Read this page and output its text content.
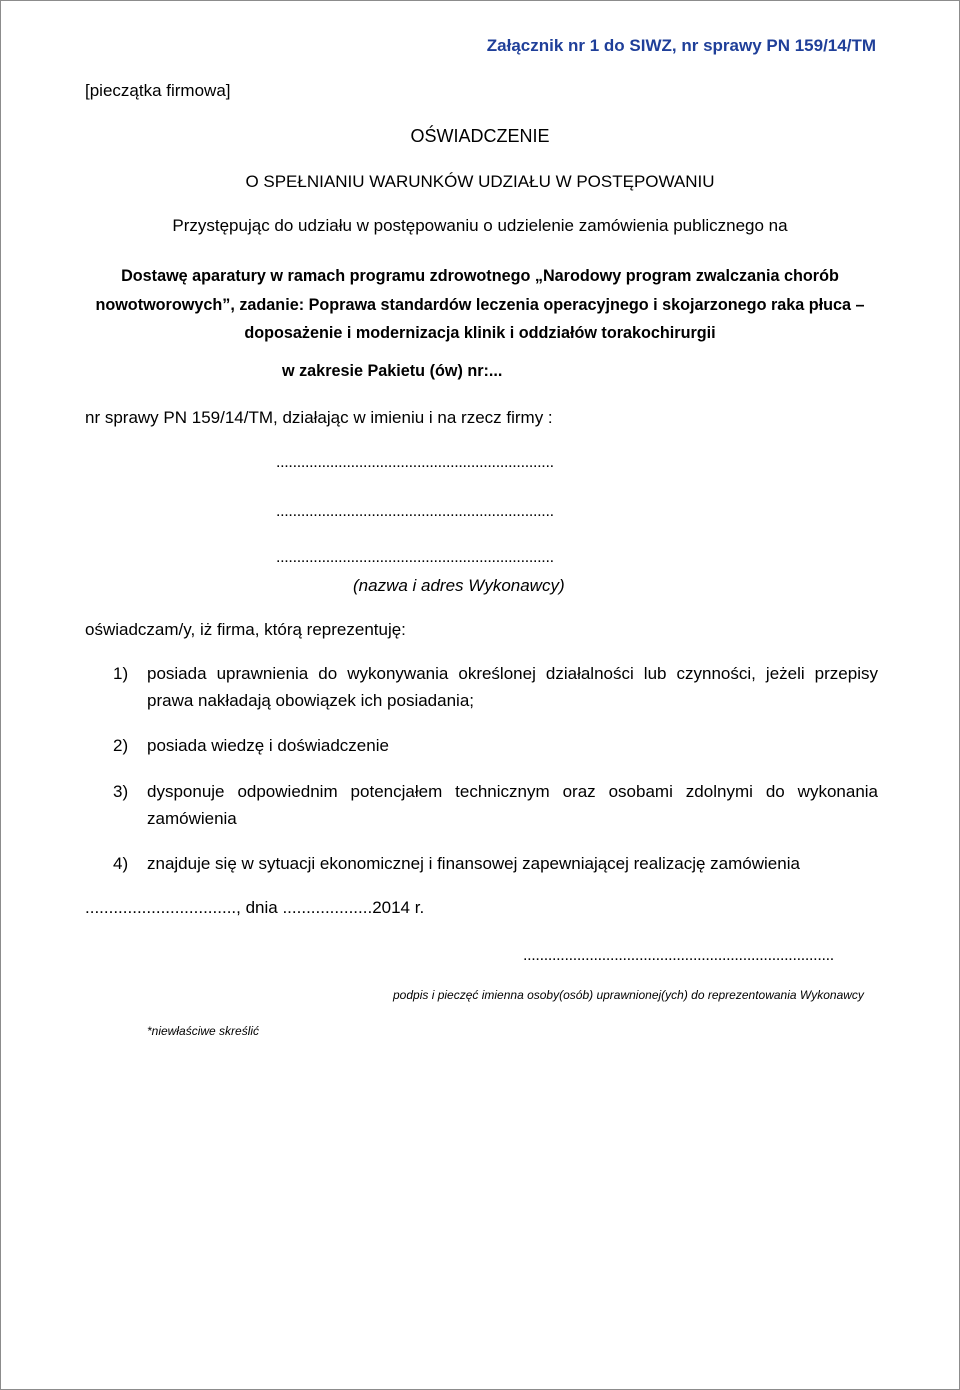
Załącznik nr 1 do SIWZ, nr sprawy PN 159/14/TM
[pieczątka firmowa]
OŚWIADCZENIE
O SPEŁNIANIU WARUNKÓW UDZIAŁU W POSTĘPOWANIU
Przystępując do udziału w postępowaniu o udzielenie zamówienia publicznego na
Dostawę aparatury w ramach programu zdrowotnego „Narodowy program zwalczania chorób nowotworowych”, zadanie: Poprawa standardów leczenia operacyjnego i skojarzonego raka płuca – doposażenie i modernizacja klinik i oddziałów torakochirurgii
w zakresie Pakietu (ów) nr:...
nr sprawy PN 159/14/TM, działając w imieniu i na rzecz firmy :
...................................................................
...................................................................
...................................................................
(nazwa i adres Wykonawcy)
oświadczam/y, iż firma, którą reprezentuję:
1)	posiada uprawnienia do wykonywania określonej działalności lub czynności, jeżeli przepisy prawa nakładają obowiązek ich posiadania;
2)	posiada wiedzę i doświadczenie
3)	dysponuje odpowiednim potencjałem technicznym oraz osobami zdolnymi do wykonania zamówienia
4)	znajduje się w sytuacji ekonomicznej i finansowej zapewniającej realizację zamówienia
................................, dnia ...................2014 r.
...........................................................................
podpis i pieczęć imienna osoby(osób) uprawnionej(ych) do reprezentowania Wykonawcy
*niewłaściwe skreślić
